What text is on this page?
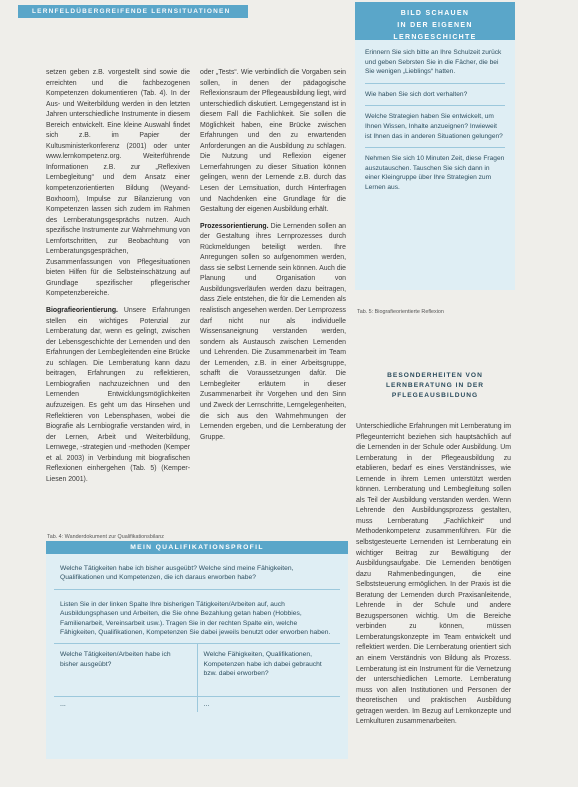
LERNFELDÜBERGREIFENDE LERNSITUATIONEN

setzen geben z.B. vorgestellt sind sowie die erreichten und die fachbezogenen Kompetenzen dokumentieren (Tab. 4). In der Aus- und Weiterbildung werden in den letzten Jahren unterschiedliche Instrumente in diesem Bereich entwickelt. Eine kleine Auswahl findet sich z.B. im Papier der Kultusministerkonferenz (2001) oder unter www.lernkompetenz.org. Weiterführende Informationen z.B. zur „Reflexiven Lernbegleitung“ und dem Ansatz einer kompetenzorientierten Bildung (Weyand-Boxhoorn), Impulse zur Bilanzierung von Kompetenzen lassen sich zudem im Rahmen des Lernberatungsgesprächs nutzen. Auch spezifische Instrumente zur Wahrnehmung von Lernfortschritten, zur Beobachtung von Lernberatungsgesprächen, Zusammenfassungen von Pflegesituationen bieten Hilfen für die Selbsteinschätzung auf Grundlage spezifischer pflegerischer Kompetenzbereiche.

Biografieorientierung. Unsere Erfahrungen stellen ein wichtiges Potenzial zur Lernberatung dar, wenn es gelingt, zwischen der Lebensgeschichte der Lernenden und den Erfahrungen der Lernbegleitenden eine Brücke zu schlagen. Die Lernberatung kann dazu beitragen, Erfahrungen zu reflektieren, Lernbiografien nachzuzeichnen und den Lernenden Entwicklungsmöglichkeiten aufzuzeigen. Es geht um das Hinsehen und Reflektieren von Lebensphasen, wobei die Biografie als Lernbiografie verstanden wird, in der Lernen, Arbeit und Weiterbildung, Lernwege, -strategien und -methoden (Kemper et al. 2003) in Verbindung mit biografischen Reflexionen einhergehen (Tab. 5) (Kemper-Liesen 2001).

oder „Tests“. Wie verbindlich die Vorgaben sein sollen, in denen der pädagogische Reflexionsraum der Pflegeausbildung liegt, wird unterschiedlich diskutiert. Lerngegenstand ist in diesem Fall die Fachlichkeit. Sie sollen die Möglichkeit haben, eine Brücke zwischen Erfahrungen und den zu erwartenden Anforderungen an die Ausbildung zu schlagen. Die Nutzung und Reflexion eigener Lernerfahrungen zu dieser Situation können gelingen, wenn der Lernende z.B. durch das Lesen der Lernsituation, durch Hinterfragen und Nachdenken eine Grundlage für die Gestaltung der eigenen Ausbildung erhält.

Prozessorientierung. Die Lernenden sollen an der Gestaltung ihres Lernprozesses durch Rückmeldungen beteiligt werden. Ihre Anregungen sollen so aufgenommen werden, dass sie selbst Lernende sein können. Auch die Planung und Organisation von Ausbildungsverläufen werden dazu beitragen, dass Ziele entstehen, die für die Lernenden als realistisch angesehen werden. Der Lernprozess darf nicht nur als individuelle Wissensaneignung verstanden werden, sondern als Austausch zwischen Lernenden und Lehrenden. Die Zusammenarbeit im Team der Lernenden, z.B. in einer Arbeitsgruppe, schafft die Voraussetzungen dafür. Die Lernbegleiter erläutern in dieser Zusammenarbeit ihr Vorgehen und den Sinn und Zweck der Lernschritte, Lerngelegenheiten, die sich aus den Wahrnehmungen der Lernenden ergeben, und die Lernberatung der Gruppe.

BILD SCHAUEN
IN DER EIGENEN
LERNGESCHICHTE

Erinnern Sie sich bitte an Ihre Schulzeit zurück und geben Sebrsten Sie in die Fächer, die bei Sie wenigen „Lieblings“ hatten.

Wie haben Sie sich dort verhalten?

Welche Strategien haben Sie entwickelt, um Ihnen Wissen, Inhalte anzueignen? Inwieweit ist Ihnen das in anderen Situationen gelungen?

Nehmen Sie sich 10 Minuten Zeit, diese Fragen auszutauschen. Tauschen Sie sich dann in einer Kleingruppe über Ihre Strategien zum Lernen aus.

Tab. 5: Biografieorientierte Reflexion
BESONDERHEITEN VON
LERNBERATUNG IN DER
PFLEGEAUSBILDUNG

Unterschiedliche Erfahrungen mit Lernberatung im Pflegeunterricht beziehen sich hauptsächlich auf die Lernenden in der Schule oder Ausbildung. Um Lernberatung in der Pflegeausbildung zu etablieren, bedarf es eines Verständnisses, wie Lernende in ihrem Lernen unterstützt werden können. Lernberatung und Lernbegleitung sollen als Teil der Ausbildung verstanden werden. Wenn Lehrende den Ausbildungsprozess gestalten, muss Lernberatung „Fachlichkeit“ und Methodenkompetenz zusammenführen. Für die selbstgesteuerte Lernenden ist Lernberatung ein wichtiger Beitrag zur Bewältigung der Ausbildungsaufgabe. Die Lernenden benötigen dazu Rahmenbedingungen, die eine Selbststeuerung ermöglichen. In der Praxis ist die Beratung der Lernenden durch Praxisanleitende, Lehrende in der Schule und andere Bezugspersonen wichtig. Um die Bereiche verbinden zu können, müssen Lernberatungskonzepte im Team entwickelt und reflektiert werden. Die Lernberatung orientiert sich an einem Verständnis von Bildung als Prozess. Lernberatung ist ein Instrument für die Vernetzung der unterschiedlichen Lernorte. Lernberatung muss von allen Institutionen und Personen der theoretischen und praktischen Ausbildung getragen werden. Im Bezug auf Lernkonzepte und Lernkulturen zusammenarbeiten.

Tab. 4: Wanderdokument zur Qualifikationsbilanz
MEIN QUALIFIKATIONSPROFIL
Welche Tätigkeiten habe ich bisher ausgeübt? Welche sind meine Fähigkeiten, Qualifikationen und Kompetenzen, die ich daraus erworben habe?
Listen Sie in der linken Spalte Ihre bisherigen Tätigkeiten/Arbeiten auf, auch Ausbildungsphasen und Arbeiten, die Sie ohne Bezahlung getan haben (Hobbies, Familienarbeit, Vereinsarbeit usw.). Tragen Sie in der rechten Spalte ein, welche Fähigkeiten, Qualifikationen, Kompetenzen Sie dabei jeweils benutzt oder erworben haben.
Welche Tätigkeiten/Arbeiten habe ich bisher ausgeübt?
Welche Fähigkeiten, Qualifikationen, Kompetenzen habe ich dabei gebraucht bzw. dabei erworben?
...	...
